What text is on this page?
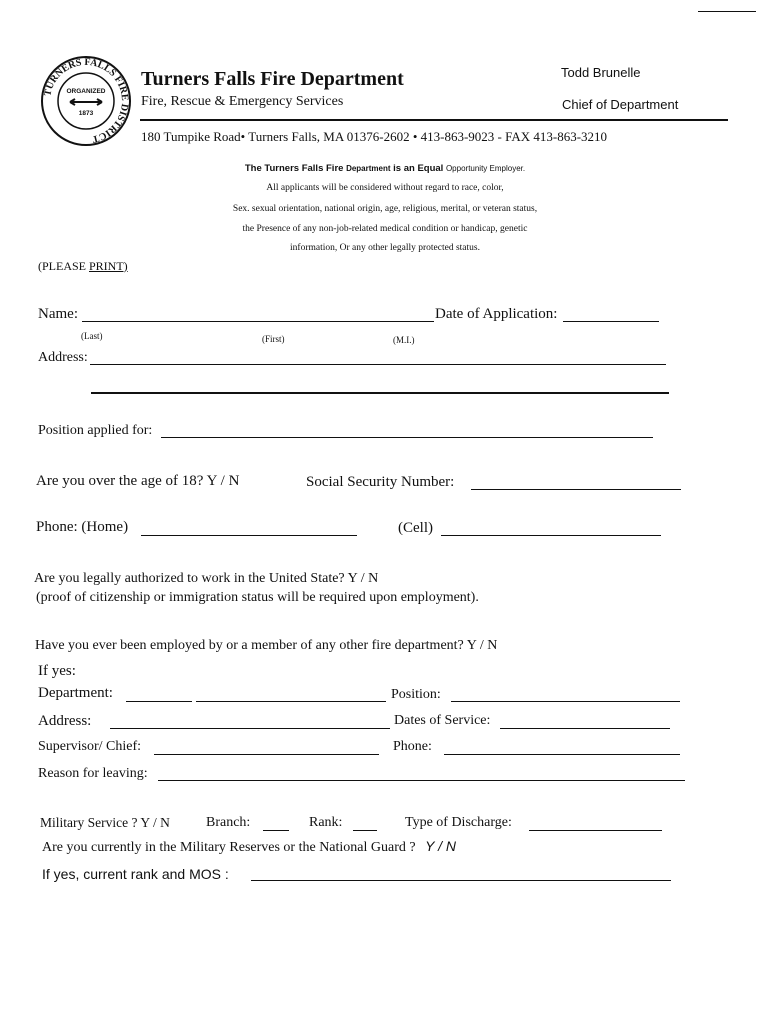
TURNERS FALLS FIRE DISTRICT
ORGANIZED
1873
Turners Falls Fire Department
Fire, Rescue & Emergency Services
Todd Brunelle
Chief of Department
180 Tumpike Road• Turners Falls, MA 01376-2602 • 413-863-9023 - FAX 413-863-3210
The Turners Falls Fire Department is an Equal Opportunity Employer.
All applicants will be considered without regard to race, color,
Sex. sexual orientation, national origin, age, religious, merital, or veteran status,
the Presence of any non-job-related medical condition or handicap, genetic
information, Or any other legally protected status.
(PLEASE PRINT)
Name:	Date of Application:
(Last)	(First)	(M.I.)
Address:
Position applied for:
Are you over the age of 18? Y / N	Social Security Number:
Phone: (Home)	(Cell)
Are you legally authorized to work in the United State? Y / N
(proof of citizenship or immigration status will be required upon employment).
Have you ever been employed by or a member of any other fire department? Y / N
If yes:
Department:	Position:
Address:	Dates of Service:
Supervisor/ Chief:	Phone:
Reason for leaving:
Military Service ? Y / N	Branch:	Rank:	Type of Discharge:
Are you currently in the Military Reserves or the National Guard ? Y / N
If yes, current rank and MOS :
